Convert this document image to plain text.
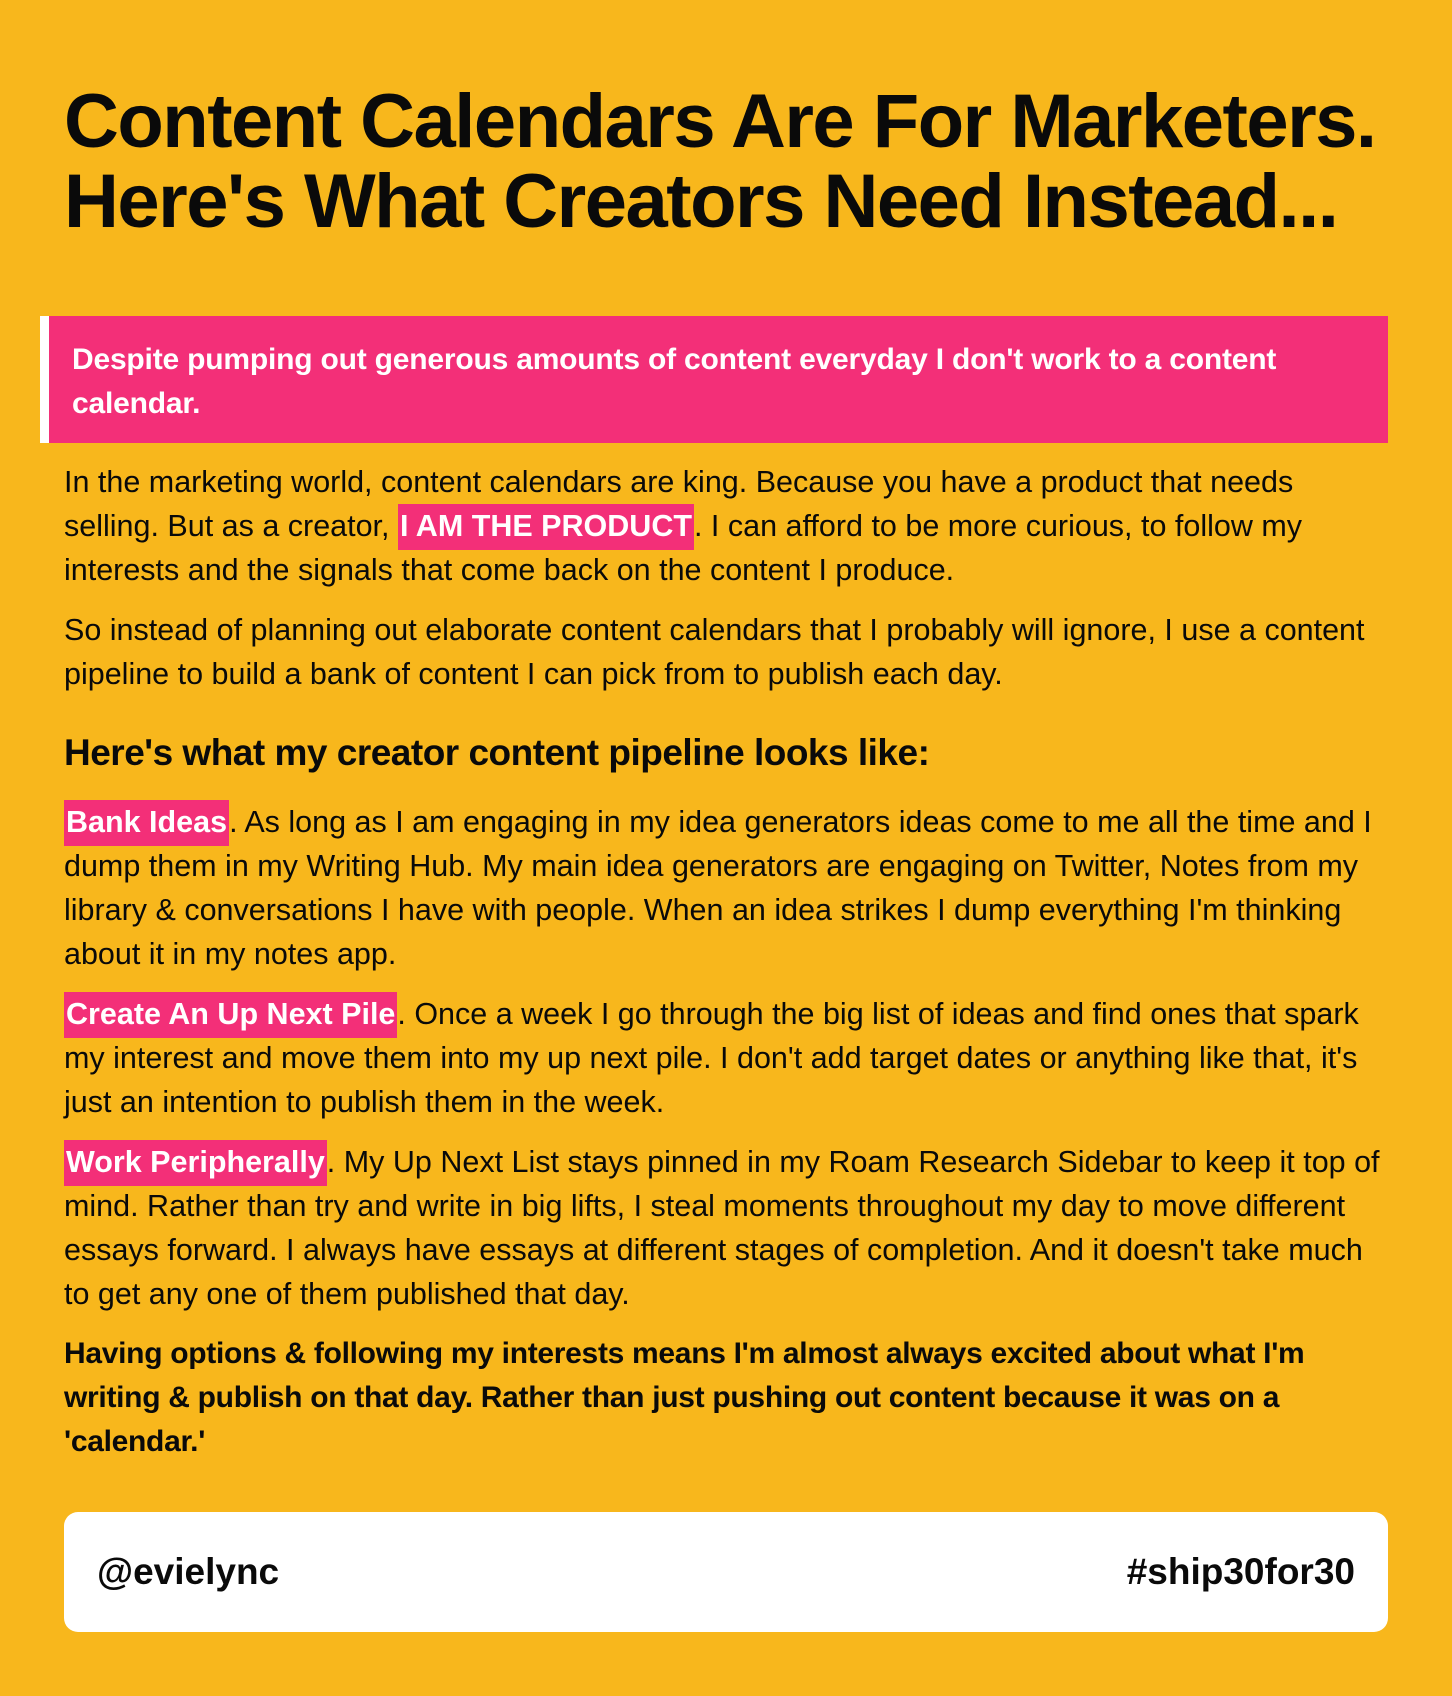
Content Calendars Are For Marketers.
Here's What Creators Need Instead...
Despite pumping out generous amounts of content everyday I don't work to a content calendar.

In the marketing world, content calendars are king. Because you have a product that needs selling. But as a creator, I AM THE PRODUCT. I can afford to be more curious, to follow my interests and the signals that come back on the content I produce.

So instead of planning out elaborate content calendars that I probably will ignore, I use a content pipeline to build a bank of content I can pick from to publish each day.

Here's what my creator content pipeline looks like:

Bank Ideas. As long as I am engaging in my idea generators ideas come to me all the time and I dump them in my Writing Hub. My main idea generators are engaging on Twitter, Notes from my library & conversations I have with people. When an idea strikes I dump everything I'm thinking about it in my notes app.

Create An Up Next Pile. Once a week I go through the big list of ideas and find ones that spark my interest and move them into my up next pile. I don't add target dates or anything like that, it's just an intention to publish them in the week.

Work Peripherally. My Up Next List stays pinned in my Roam Research Sidebar to keep it top of mind. Rather than try and write in big lifts, I steal moments throughout my day to move different essays forward. I always have essays at different stages of completion. And it doesn't take much to get any one of them published that day.

Having options & following my interests means I'm almost always excited about what I'm writing & publish on that day. Rather than just pushing out content because it was on a 'calendar.'

@evielync	#ship30for30
